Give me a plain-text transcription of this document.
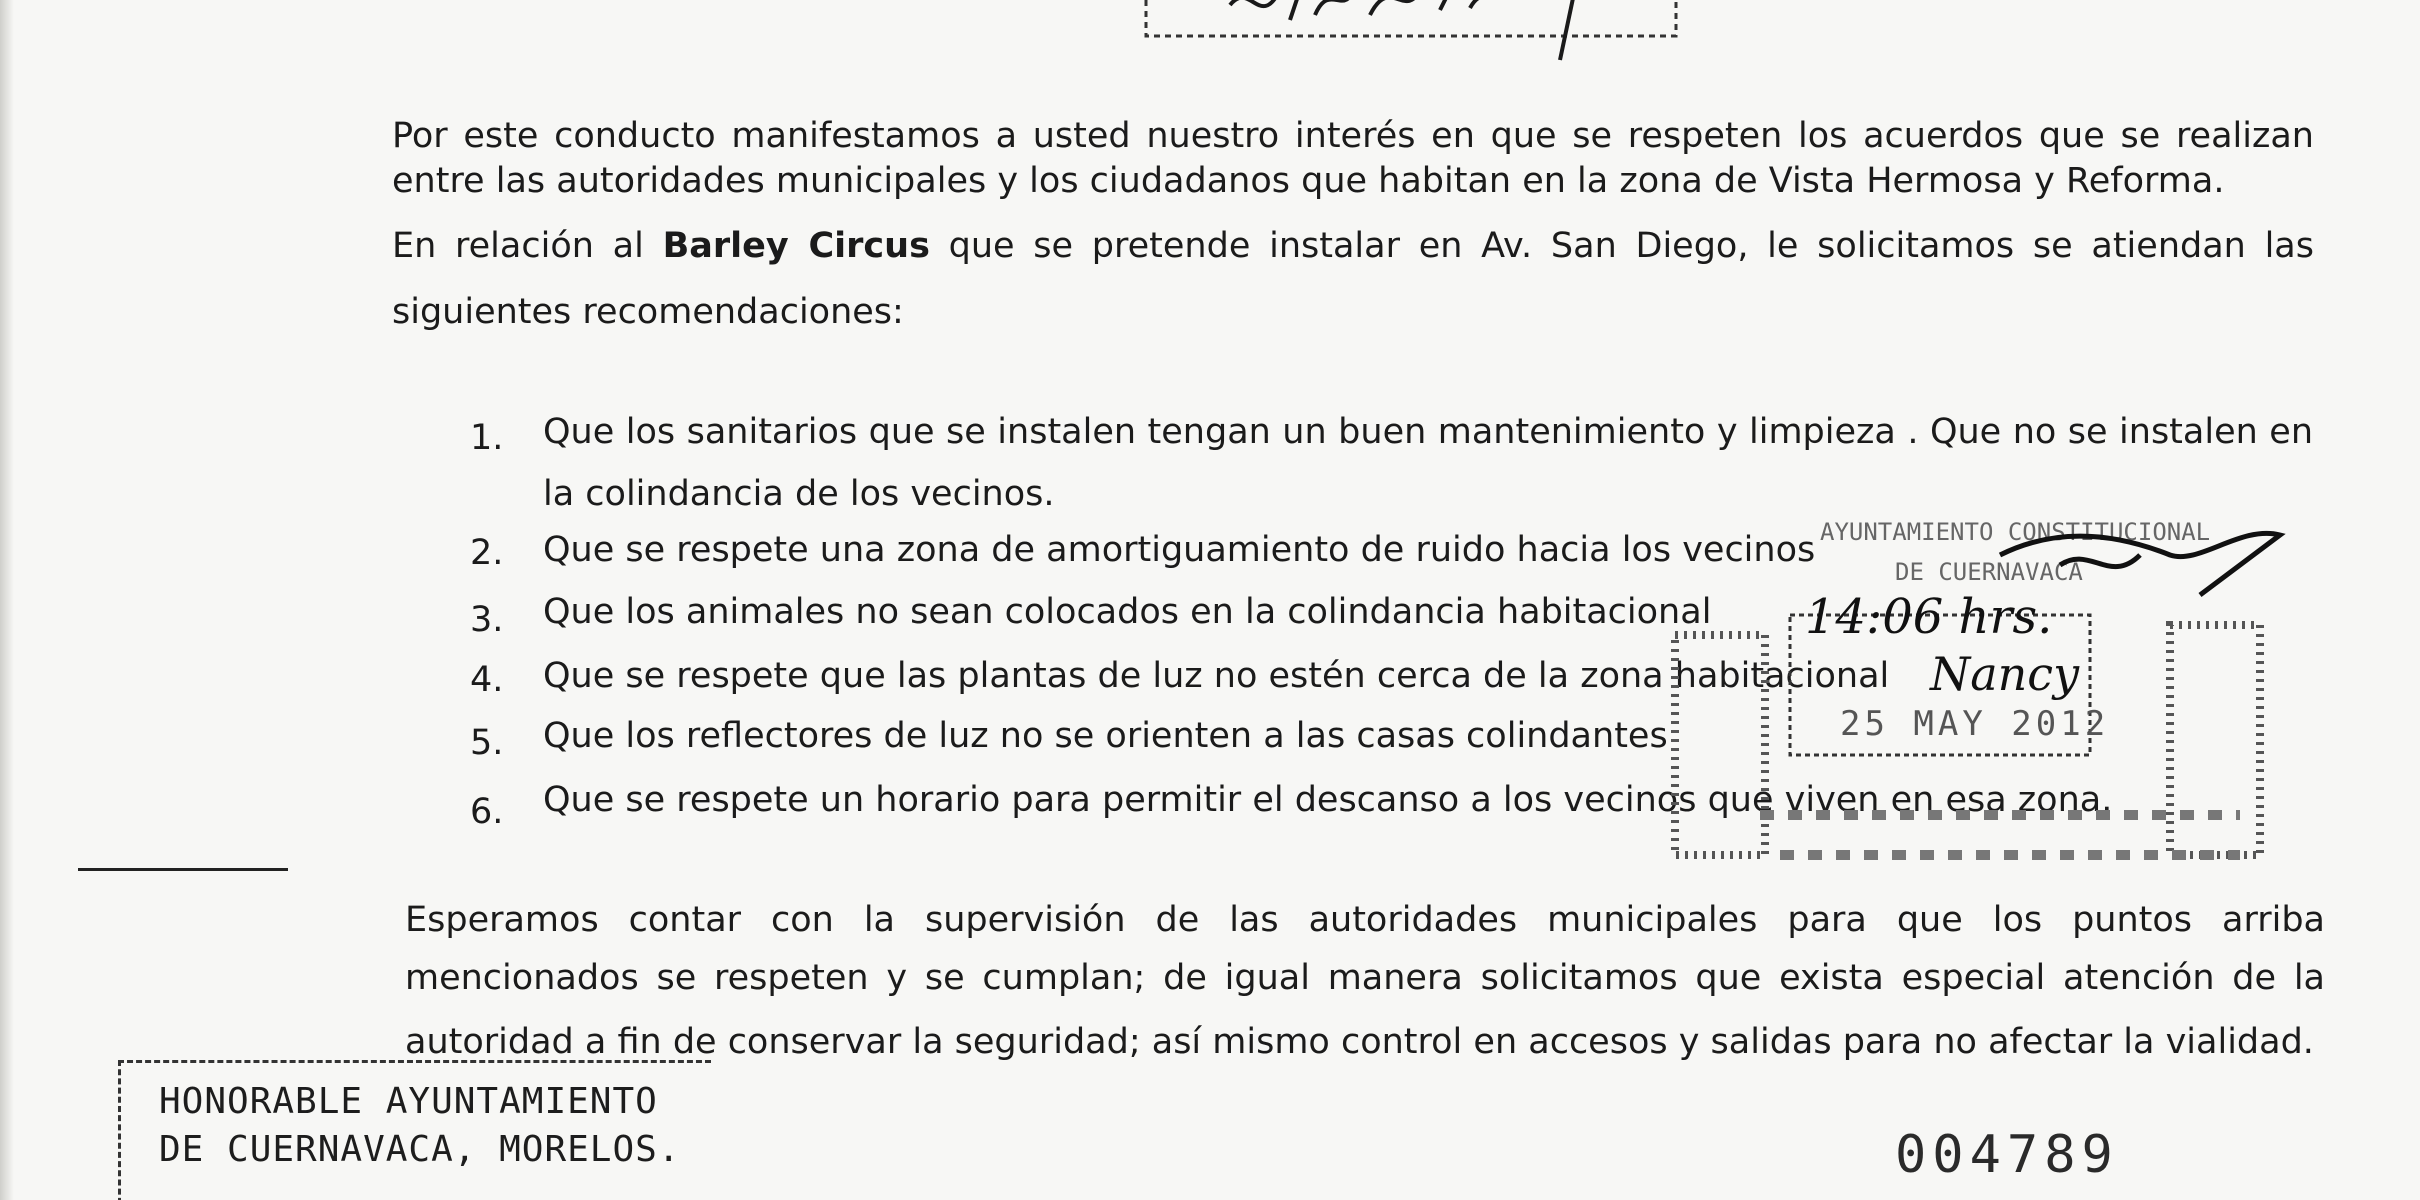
Por este conducto manifestamos a usted nuestro interés en que se respeten los acuerdos que se realizan

entre las autoridades municipales y los ciudadanos que habitan en la zona de Vista Hermosa y Reforma.

En relación al Barley Circus que se pretende instalar en Av. San Diego, le solicitamos se atiendan las

siguientes recomendaciones:

1. Que los sanitarios que se instalen tengan un buen mantenimiento y limpieza . Que no se instalen en
la colindancia de los vecinos.
2. Que se respete una zona de amortiguamiento de ruido hacia los vecinos
3. Que los animales no sean colocados en la colindancia habitacional
4. Que se respete que las plantas de luz no estén cerca de la zona habitacional
5. Que los reflectores de luz no se orienten a las casas colindantes
6. Que se respete un horario para permitir el descanso a los vecinos que viven en esa zona.
AYUNTAMIENTO CONSTITUCIONAL
DE CUERNAVACA
14:06 hrs.
Nancy
25 MAY 2012

Esperamos contar con la supervisión de las autoridades municipales para que los puntos arriba

mencionados se respeten y se cumplan; de igual manera solicitamos que exista especial atención de la

autoridad a fin de conservar la seguridad; así mismo control en accesos y salidas para no afectar la vialidad.

HONORABLE AYUNTAMIENTO
DE CUERNAVACA, MORELOS.	004789
